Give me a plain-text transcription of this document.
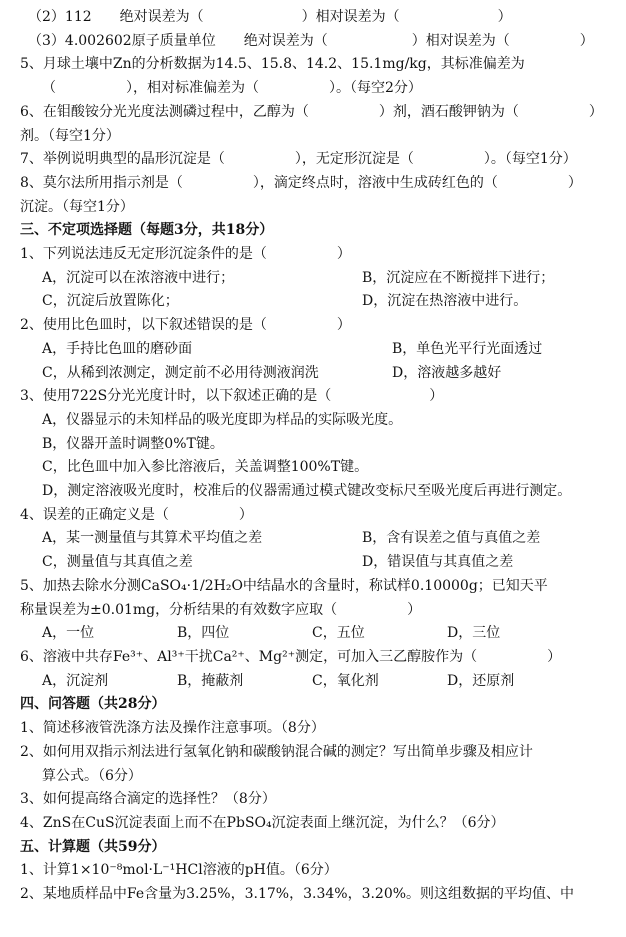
（2）112　　绝对误差为（　　　　　　　）相对误差为（　　　　　　　）
（3）4.002602原子质量单位　　绝对误差为（　　　　　　）相对误差为（　　　　　）
5、月球土壤中Zn的分析数据为14.5、15.8、14.2、15.1mg/kg，其标准偏差为
（　　　　　），相对标准偏差为（　　　　　）。（每空2分）
6、在钼酸铵分光光度法测磷过程中，乙醇为（　　　　　）剂，酒石酸钾钠为（　　　　　）
剂。（每空1分）
7、举例说明典型的晶形沉淀是（　　　　　），无定形沉淀是（　　　　　）。（每空1分）
8、莫尔法所用指示剂是（　　　　　），滴定终点时，溶液中生成砖红色的（　　　　　）
沉淀。（每空1分）
三、不定项选择题（每题3分，共18分）
1、下列说法违反无定形沉淀条件的是（　　　　　）
A，沉淀可以在浓溶液中进行；	B，沉淀应在不断搅拌下进行；
C，沉淀后放置陈化；	D，沉淀在热溶液中进行。
2、使用比色皿时，以下叙述错误的是（　　　　　）
A，手持比色皿的磨砂面	B，单色光平行光面透过
C，从稀到浓测定，测定前不必用待测液润洗	D，溶液越多越好
3、使用722S分光光度计时，以下叙述正确的是（　　　　　　　）
A，仪器显示的未知样品的吸光度即为样品的实际吸光度。
B，仪器开盖时调整0%T键。
C，比色皿中加入参比溶液后，关盖调整100%T键。
D，测定溶液吸光度时，校准后的仪器需通过模式键改变标尺至吸光度后再进行测定。
4、误差的正确定义是（　　　　　）
A，某一测量值与其算术平均值之差	B，含有误差之值与真值之差
C，测量值与其真值之差	D，错误值与其真值之差
5、加热去除水分测CaSO₄·1/2H₂O中结晶水的含量时，称试样0.10000g；已知天平
称量误差为±0.01mg，分析结果的有效数字应取（　　　　　）
A，一位	B，四位	C，五位	D，三位
6、溶液中共存Fe³⁺、Al³⁺干扰Ca²⁺、Mg²⁺测定，可加入三乙醇胺作为（　　　　　）
A，沉淀剂	B，掩蔽剂	C，氧化剂	D，还原剂
四、问答题（共28分）
1、简述移液管洗涤方法及操作注意事项。（8分）
2、如何用双指示剂法进行氢氧化钠和碳酸钠混合碱的测定？写出简单步骤及相应计
算公式。（6分）
3、如何提高络合滴定的选择性？（8分）
4、ZnS在CuS沉淀表面上而不在PbSO₄沉淀表面上继沉淀，为什么？（6分）
五、计算题（共59分）
1、计算1×10⁻⁸mol·L⁻¹HCl溶液的pH值。（6分）
2、某地质样品中Fe含量为3.25%，3.17%，3.34%，3.20%。则这组数据的平均值、中
